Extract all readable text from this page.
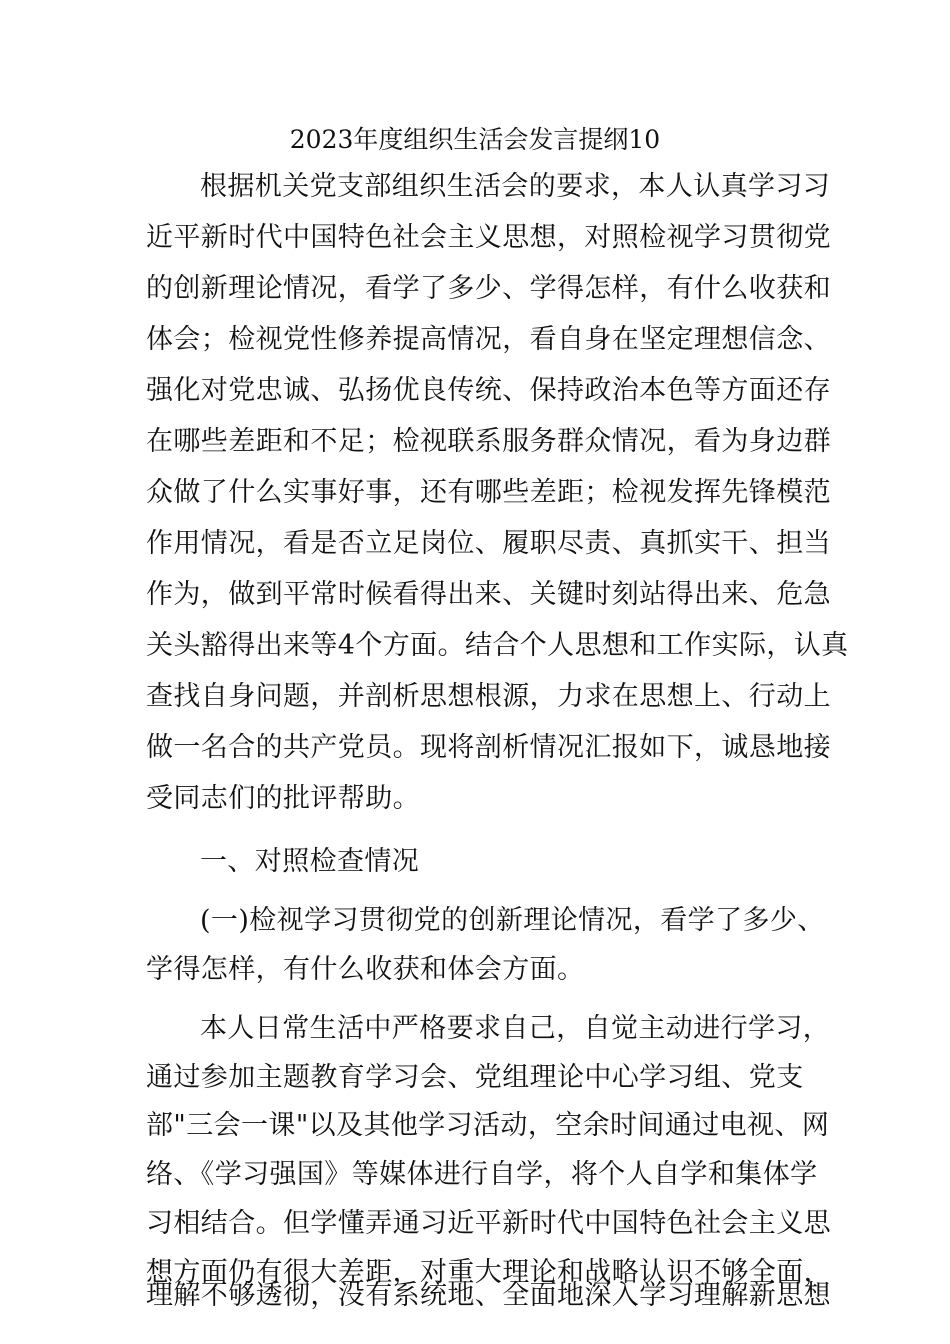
2023年度组织生活会发言提纲10
根据机关党支部组织生活会的要求，本人认真学习习
近平新时代中国特色社会主义思想，对照检视学习贯彻党
的创新理论情况，看学了多少、学得怎样，有什么收获和
体会；检视党性修养提高情况，看自身在坚定理想信念、
强化对党忠诚、弘扬优良传统、保持政治本色等方面还存
在哪些差距和不足；检视联系服务群众情况，看为身边群
众做了什么实事好事，还有哪些差距；检视发挥先锋模范
作用情况，看是否立足岗位、履职尽责、真抓实干、担当
作为，做到平常时候看得出来、关键时刻站得出来、危急
关头豁得出来等4个方面。结合个人思想和工作实际，认真
查找自身问题，并剖析思想根源，力求在思想上、行动上
做一名合的共产党员。现将剖析情况汇报如下，诚恳地接
受同志们的批评帮助。
一、对照检查情况
(一)检视学习贯彻党的创新理论情况，看学了多少、
学得怎样，有什么收获和体会方面。
本人日常生活中严格要求自己，自觉主动进行学习，
通过参加主题教育学习会、党组理论中心学习组、党支
部"三会一课"以及其他学习活动，空余时间通过电视、网
络、《学习强国》等媒体进行自学，将个人自学和集体学
习相结合。但学懂弄通习近平新时代中国特色社会主义思
想方面仍有很大差距，对重大理论和战略认识不够全面，
理解不够透彻，没有系统地、全面地深入学习理解新思想
